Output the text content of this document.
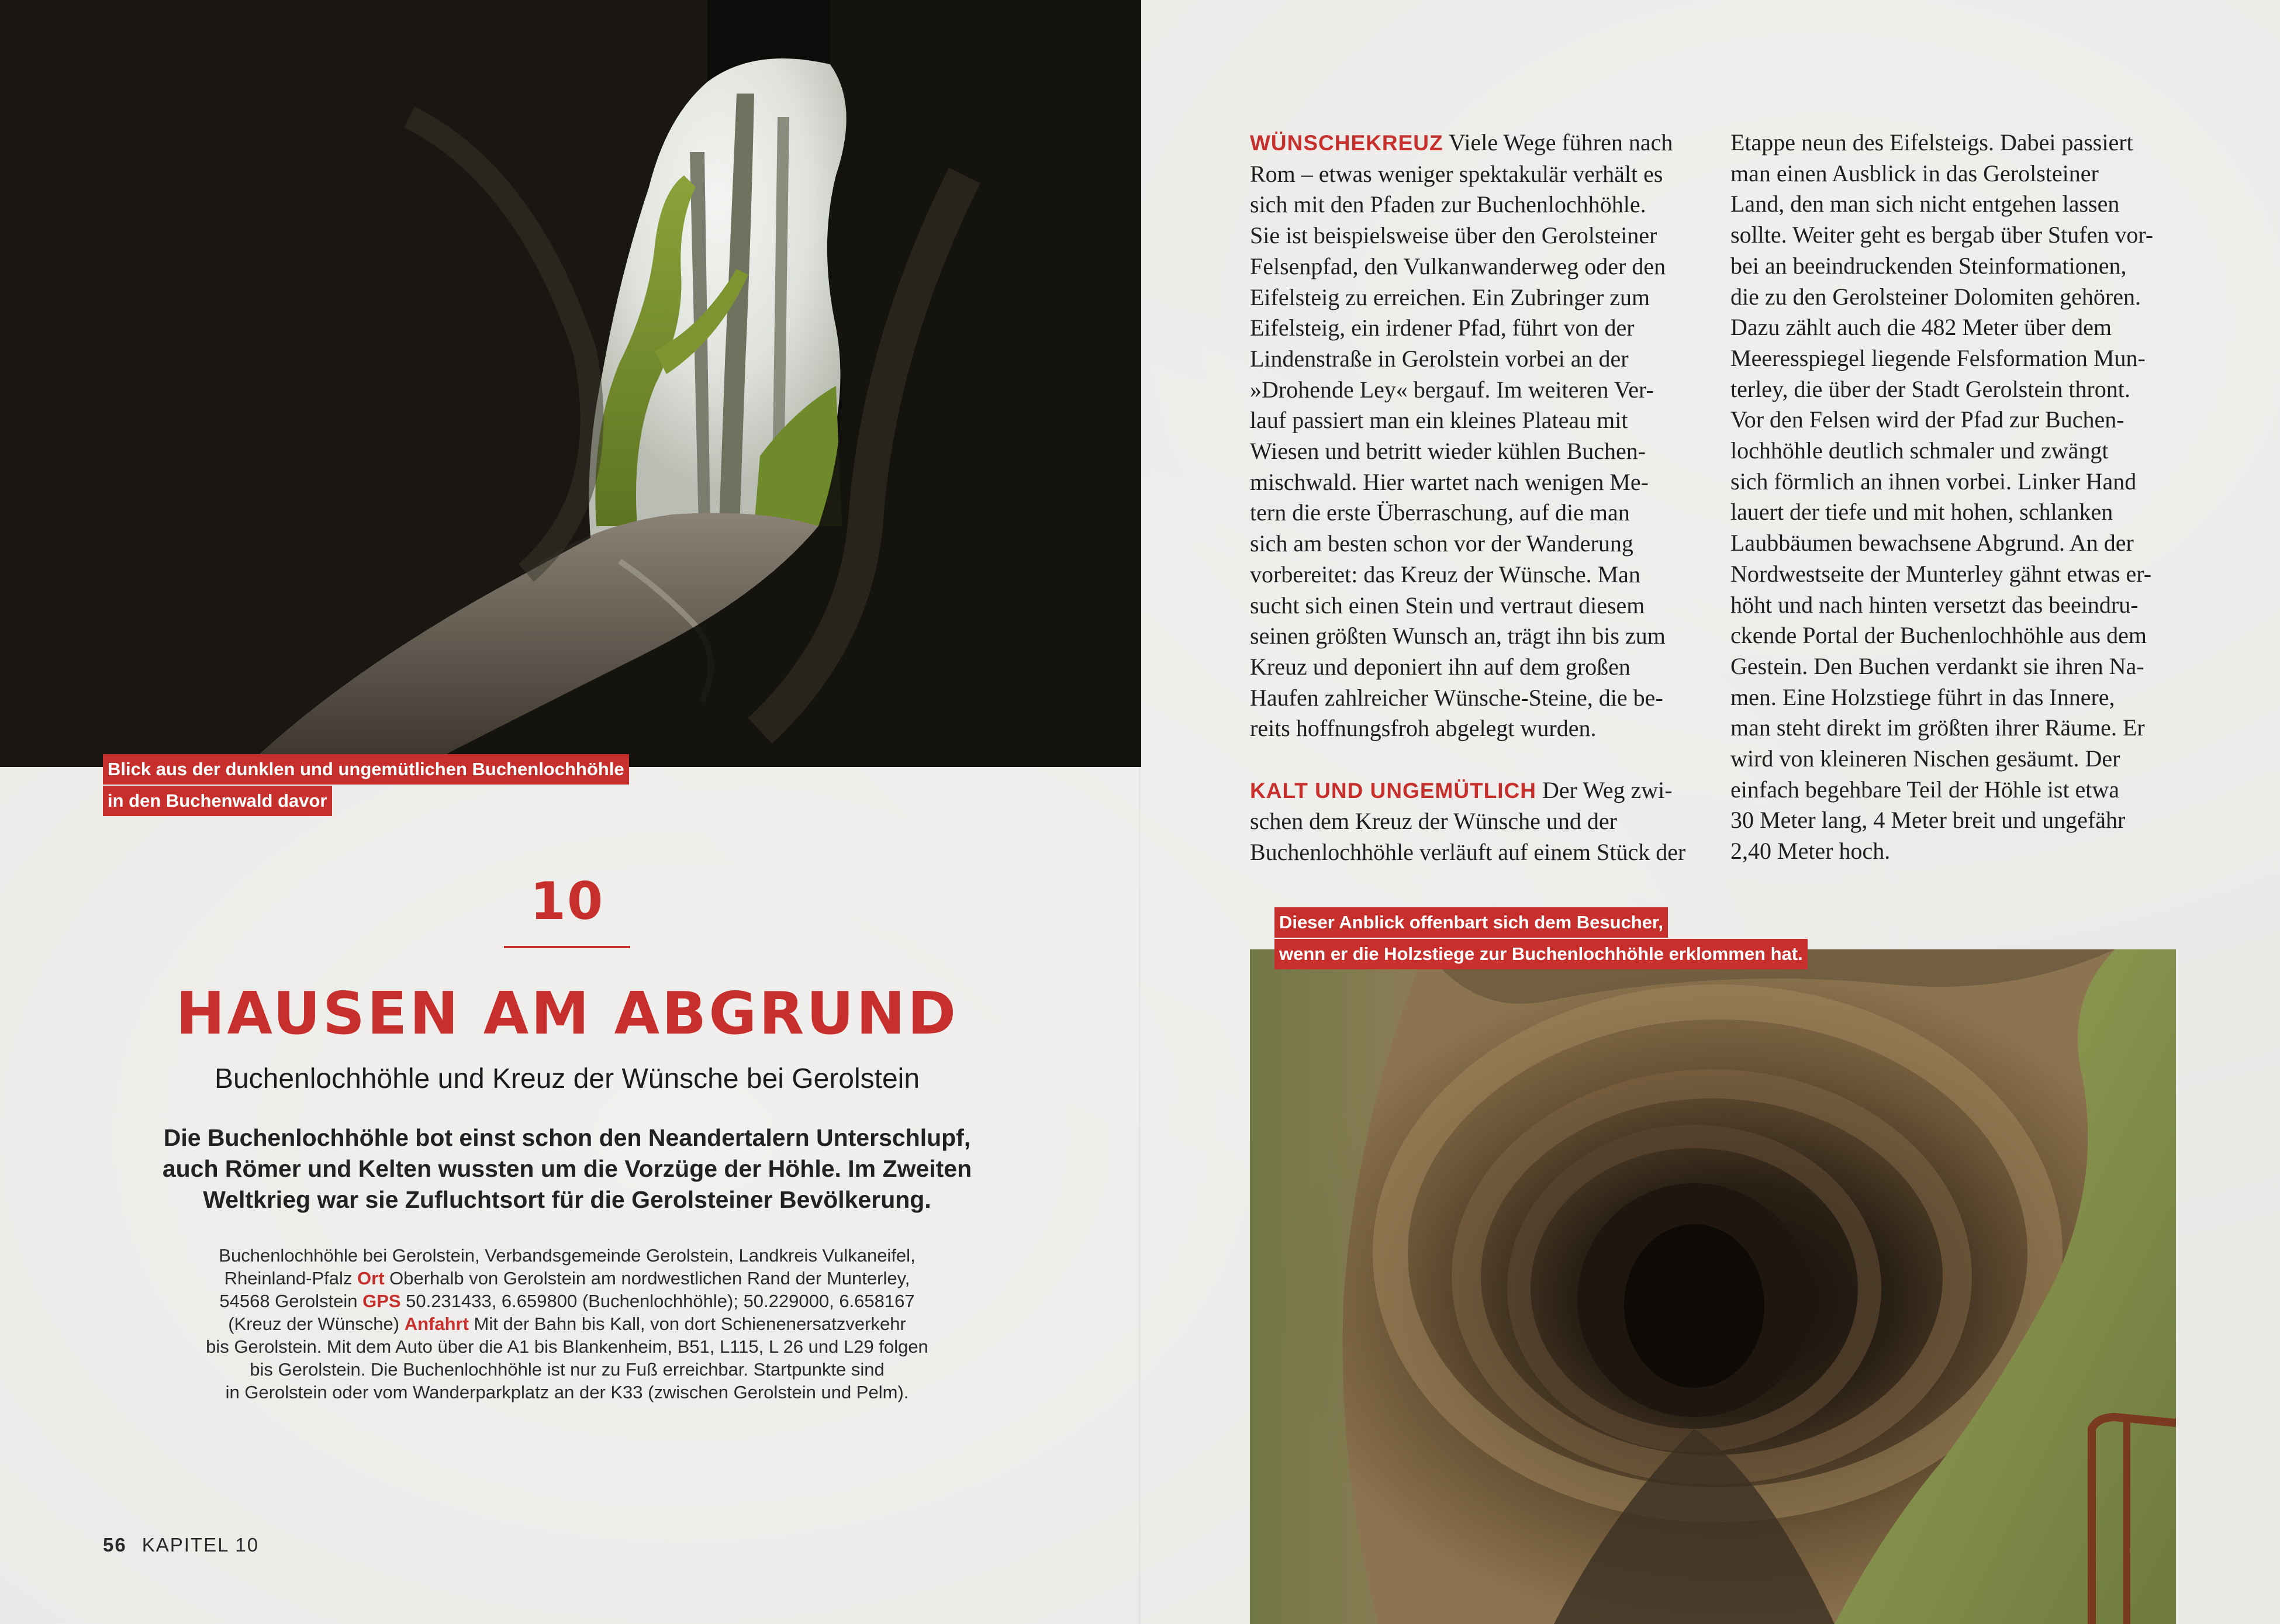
Blick aus der dunklen und ungemütlichen Buchenlochhöhle
in den Buchenwald davor
10
HAUSEN AM ABGRUND
Buchenlochhöhle und Kreuz der Wünsche bei Gerolstein
Die Buchenlochhöhle bot einst schon den Neandertalern Unterschlupf,
auch Römer und Kelten wussten um die Vorzüge der Höhle. Im Zweiten
Weltkrieg war sie Zufluchtsort für die Gerolsteiner Bevölkerung.
Buchenlochhöhle bei Gerolstein, Verbandsgemeinde Gerolstein, Landkreis Vulkaneifel,
Rheinland-Pfalz Ort Oberhalb von Gerolstein am nordwestlichen Rand der Munterley,
54568 Gerolstein GPS 50.231433, 6.659800 (Buchenlochhöhle); 50.229000, 6.658167
(Kreuz der Wünsche) Anfahrt Mit der Bahn bis Kall, von dort Schienenersatzverkehr
bis Gerolstein. Mit dem Auto über die A1 bis Blankenheim, B51, L115, L 26 und L29 folgen
bis Gerolstein. Die Buchenlochhöhle ist nur zu Fuß erreichbar. Startpunkte sind
in Gerolstein oder vom Wanderparkplatz an der K33 (zwischen Gerolstein und Pelm).
56 KAPITEL 10

WÜNSCHEKREUZ Viele Wege führen nach
Rom – etwas weniger spektakulär verhält es
sich mit den Pfaden zur Buchenlochhöhle.
Sie ist beispielsweise über den Gerolsteiner
Felsenpfad, den Vulkanwanderweg oder den
Eifelsteig zu erreichen. Ein Zubringer zum
Eifelsteig, ein irdener Pfad, führt von der
Lindenstraße in Gerolstein vorbei an der
»Drohende Ley« bergauf. Im weiteren Ver-
lauf passiert man ein kleines Plateau mit
Wiesen und betritt wieder kühlen Buchen-
mischwald. Hier wartet nach wenigen Me-
tern die erste Überraschung, auf die man
sich am besten schon vor der Wanderung
vorbereitet: das Kreuz der Wünsche. Man
sucht sich einen Stein und vertraut diesem
seinen größten Wunsch an, trägt ihn bis zum
Kreuz und deponiert ihn auf dem großen
Haufen zahlreicher Wünsche-Steine, die be-
reits hoffnungsfroh abgelegt wurden.

KALT UND UNGEMÜTLICH Der Weg zwi-
schen dem Kreuz der Wünsche und der
Buchenlochhöhle verläuft auf einem Stück der

Etappe neun des Eifelsteigs. Dabei passiert
man einen Ausblick in das Gerolsteiner
Land, den man sich nicht entgehen lassen
sollte. Weiter geht es bergab über Stufen vor-
bei an beeindruckenden Steinformationen,
die zu den Gerolsteiner Dolomiten gehören.
Dazu zählt auch die 482 Meter über dem
Meeresspiegel liegende Felsformation Mun-
terley, die über der Stadt Gerolstein thront.
Vor den Felsen wird der Pfad zur Buchen-
lochhöhle deutlich schmaler und zwängt
sich förmlich an ihnen vorbei. Linker Hand
lauert der tiefe und mit hohen, schlanken
Laubbäumen bewachsene Abgrund. An der
Nordwestseite der Munterley gähnt etwas er-
höht und nach hinten versetzt das beeindru-
ckende Portal der Buchenlochhöhle aus dem
Gestein. Den Buchen verdankt sie ihren Na-
men. Eine Holzstiege führt in das Innere,
man steht direkt im größten ihrer Räume. Er
wird von kleineren Nischen gesäumt. Der
einfach begehbare Teil der Höhle ist etwa
30 Meter lang, 4 Meter breit und ungefähr
2,40 Meter hoch.

Dieser Anblick offenbart sich dem Besucher,
wenn er die Holzstiege zur Buchenlochhöhle erklommen hat.
